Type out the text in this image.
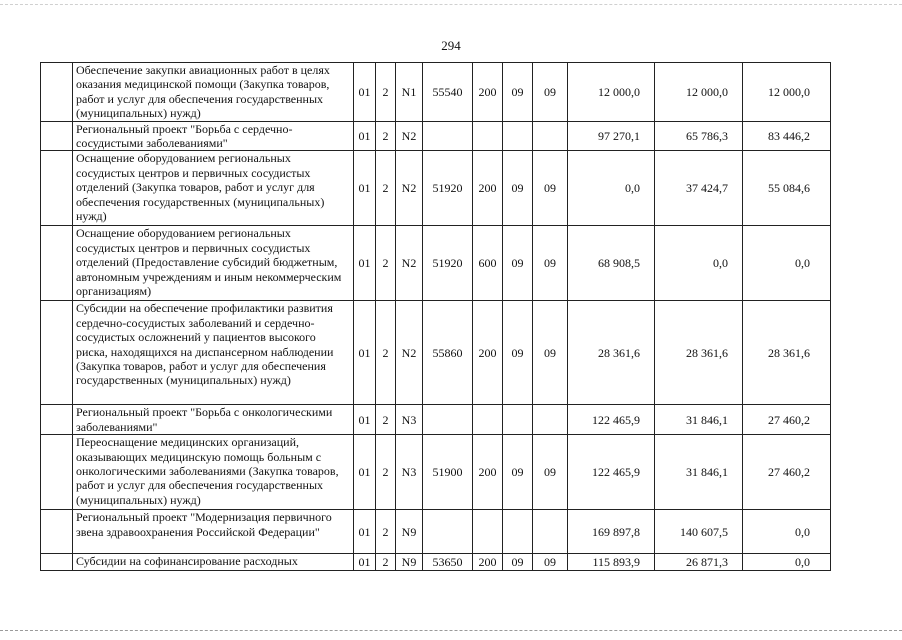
294
	Обеспечение закупки авиационных работ в целях оказания медицинской помощи (Закупка товаров, работ и услуг для обеспечения государственных (муниципальных) нужд)	01	2	N1	55540	200	09	09	12 000,0	12 000,0	12 000,0
	Региональный проект "Борьба с сердечно-сосудистыми заболеваниями"	01	2	N2					97 270,1	65 786,3	83 446,2
	Оснащение оборудованием региональных сосудистых центров и первичных сосудистых отделений (Закупка товаров, работ и услуг для обеспечения государственных (муниципальных) нужд)	01	2	N2	51920	200	09	09	0,0	37 424,7	55 084,6
	Оснащение оборудованием региональных сосудистых центров и первичных сосудистых отделений (Предоставление субсидий бюджетным, автономным учреждениям и иным некоммерческим организациям)	01	2	N2	51920	600	09	09	68 908,5	0,0	0,0
	Субсидии на обеспечение профилактики развития сердечно-сосудистых заболеваний и сердечно-сосудистых осложнений у пациентов высокого риска, находящихся на диспансерном наблюдении (Закупка товаров, работ и услуг для обеспечения государственных (муниципальных) нужд)	01	2	N2	55860	200	09	09	28 361,6	28 361,6	28 361,6
	Региональный проект "Борьба с онкологическими заболеваниями"	01	2	N3					122 465,9	31 846,1	27 460,2
	Переоснащение медицинских организаций, оказывающих медицинскую помощь больным с онкологическими заболеваниями (Закупка товаров, работ и услуг для обеспечения государственных (муниципальных) нужд)	01	2	N3	51900	200	09	09	122 465,9	31 846,1	27 460,2
	Региональный проект "Модернизация первичного звена здравоохранения Российской Федерации"	01	2	N9					169 897,8	140 607,5	0,0
	Субсидии на софинансирование расходных	01	2	N9	53650	200	09	09	115 893,9	26 871,3	0,0
